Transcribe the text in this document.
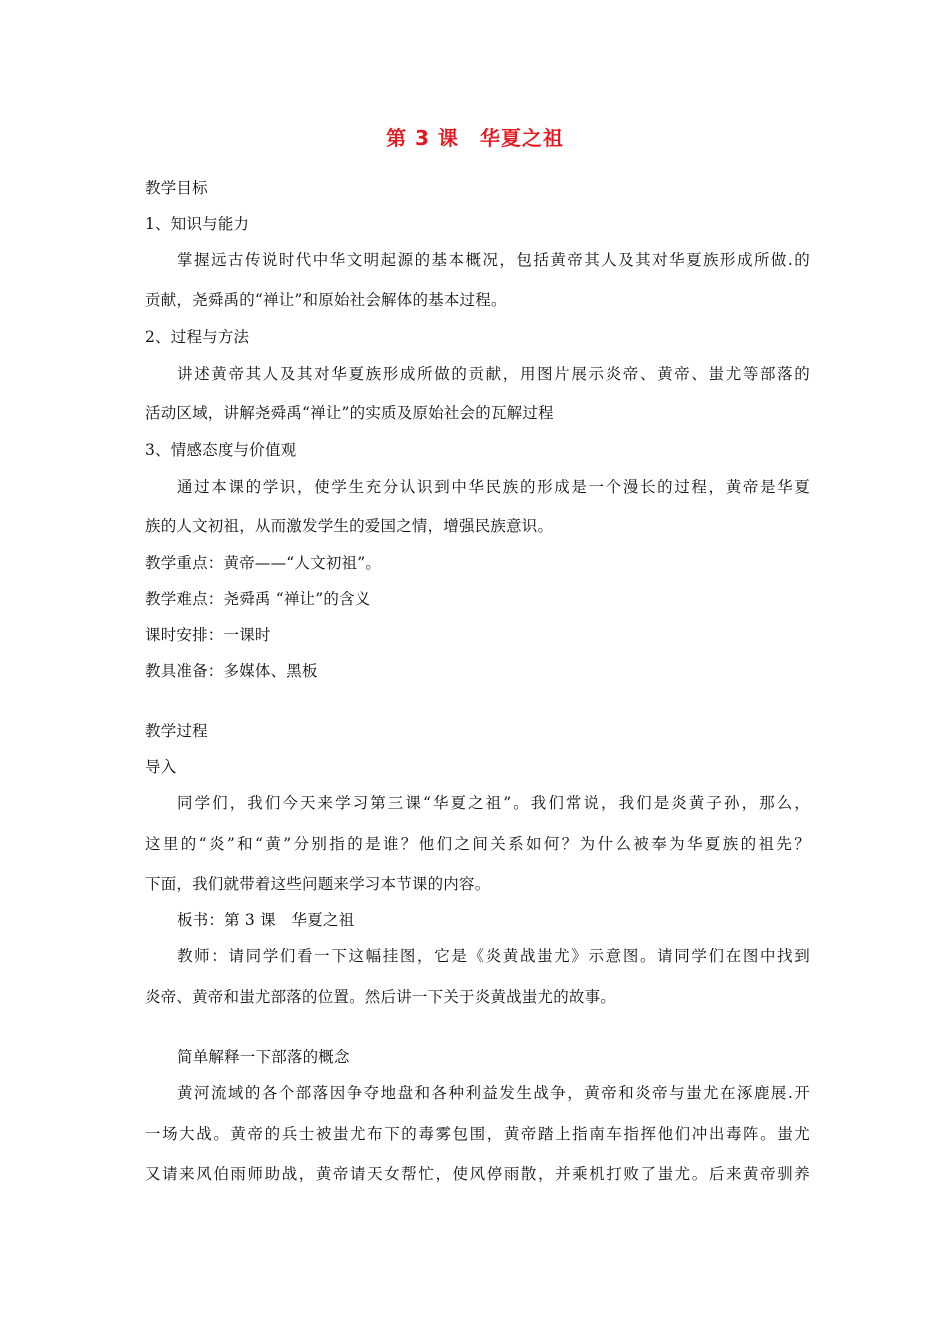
第 3 课　华夏之祖
教学目标
1、知识与能力
掌握远古传说时代中华文明起源的基本概况，包括黄帝其人及其对华夏族形成所做.的
贡献，尧舜禹的“禅让”和原始社会解体的基本过程。
2、过程与方法
讲述黄帝其人及其对华夏族形成所做的贡献，用图片展示炎帝、黄帝、蚩尤等部落的
活动区域，讲解尧舜禹“禅让”的实质及原始社会的瓦解过程
3、情感态度与价值观
通过本课的学识，使学生充分认识到中华民族的形成是一个漫长的过程，黄帝是华夏
族的人文初祖，从而激发学生的爱国之情，增强民族意识。
教学重点：黄帝——“人文初祖”。
教学难点：尧舜禹 “禅让”的含义
课时安排：一课时
教具准备：多媒体、黑板
教学过程
导入
同学们，我们今天来学习第三课“华夏之祖”。我们常说，我们是炎黄子孙，那么，
这里的“炎”和“黄”分别指的是谁？他们之间关系如何？为什么被奉为华夏族的祖先？
下面，我们就带着这些问题来学习本节课的内容。
板书：第 3 课　华夏之祖
教师：请同学们看一下这幅挂图，它是《炎黄战蚩尤》示意图。请同学们在图中找到
炎帝、黄帝和蚩尤部落的位置。然后讲一下关于炎黄战蚩尤的故事。
简单解释一下部落的概念
黄河流域的各个部落因争夺地盘和各种利益发生战争，黄帝和炎帝与蚩尤在涿鹿展.开
一场大战。黄帝的兵士被蚩尤布下的毒雾包围，黄帝踏上指南车指挥他们冲出毒阵。蚩尤
又请来风伯雨师助战，黄帝请天女帮忙，使风停雨散，并乘机打败了蚩尤。后来黄帝驯养
